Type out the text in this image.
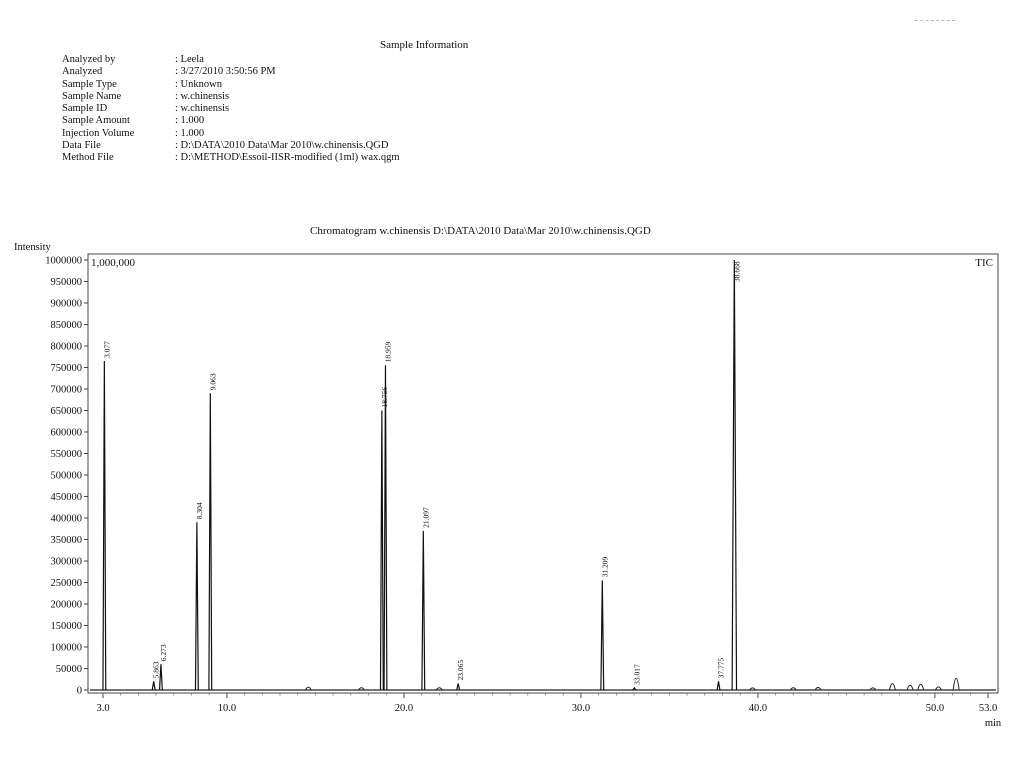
Sample Information
Analyzed by	: Leela
Analyzed	: 3/27/2010 3:50:56 PM
Sample Type	: Unknown
Sample Name	: w.chinensis
Sample ID	: w.chinensis
Sample Amount	: 1.000
Injection Volume	: 1.000
Data File	: D:\DATA\2010 Data\Mar 2010\w.chinensis.QGD
Method File	: D:\METHOD\Essoil-IISR-modified (1ml) wax.qgm
Chromatogram w.chinensis D:\DATA\2010 Data\Mar 2010\w.chinensis.QGD
Intensity
1000000
950000
900000
850000
800000
750000
700000
650000
600000
550000
500000
450000
400000
350000
300000
250000
200000
150000
100000
50000
0
3.0	10.0	20.0	30.0	40.0	50.0	53.0
min
1,000,000	TIC
3.077
5.863
6.273
8.304
9.063
18.756
18.959
21.097
23.065
31.209
33.017	37.775
38.668
